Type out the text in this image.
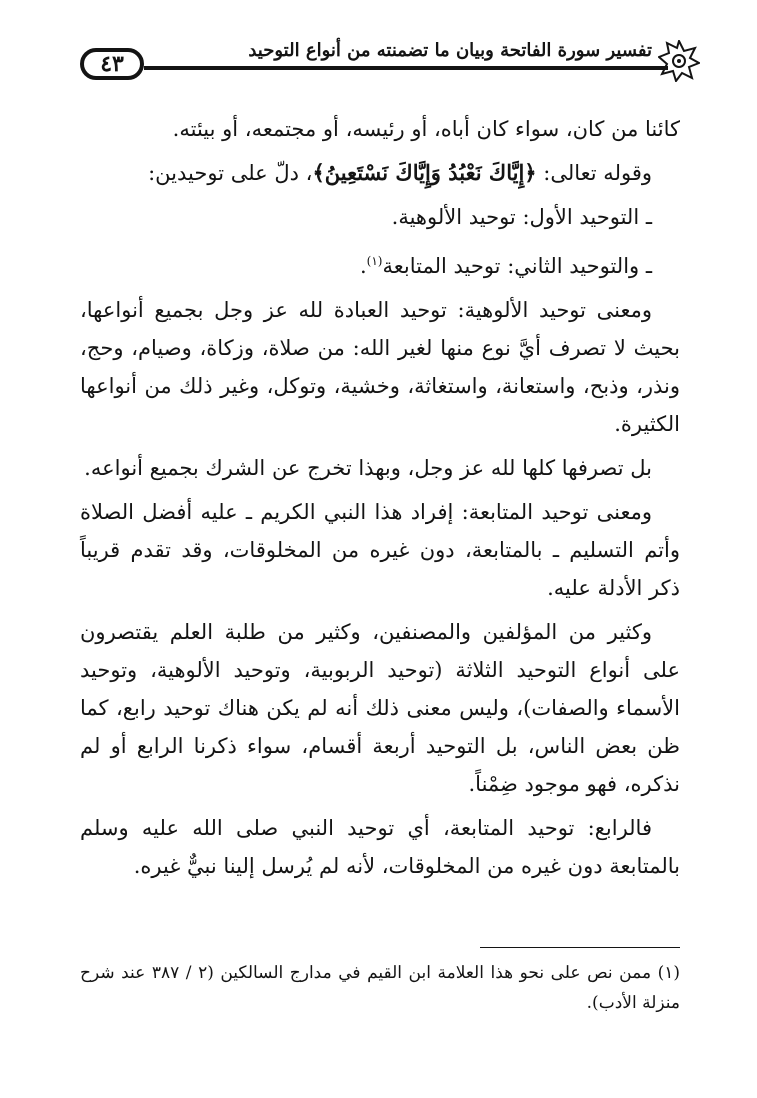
٤٣
تفسير سورة الفاتحة وبيان ما تضمنته من أنواع التوحيد

كائنا من كان، سواء كان أباه، أو رئيسه، أو مجتمعه، أو بيئته.

وقوله تعالى: ﴿إِيَّاكَ نَعْبُدُ وَإِيَّاكَ نَسْتَعِينُ﴾، دلّ على توحيدين:

ـ التوحيد الأول: توحيد الألوهية.

ـ والتوحيد الثاني: توحيد المتابعة$^{(١)}$.

ومعنى توحيد الألوهية: توحيد العبادة لله عز وجل بجميع أنواعها، بحيث لا تصرف أيَّ نوع منها لغير الله: من صلاة، وزكاة، وصيام، وحج، ونذر، وذبح، واستعانة، واستغاثة، وخشية، وتوكل، وغير ذلك من أنواعها الكثيرة.

بل تصرفها كلها لله عز وجل، وبهذا تخرج عن الشرك بجميع أنواعه.

ومعنى توحيد المتابعة: إفراد هذا النبي الكريم ـ عليه أفضل الصلاة وأتم التسليم ـ بالمتابعة، دون غيره من المخلوقات، وقد تقدم قريباً ذكر الأدلة عليه.

وكثير من المؤلفين والمصنفين، وكثير من طلبة العلم يقتصرون على أنواع التوحيد الثلاثة (توحيد الربوبية، وتوحيد الألوهية، وتوحيد الأسماء والصفات)، وليس معنى ذلك أنه لم يكن هناك توحيد رابع، كما ظن بعض الناس، بل التوحيد أربعة أقسام، سواء ذكرنا الرابع أو لم نذكره، فهو موجود ضِمْناً.

فالرابع: توحيد المتابعة، أي توحيد النبي صلى الله عليه وسلم بالمتابعة دون غيره من المخلوقات، لأنه لم يُرسل إلينا نبيٌّ غيره.

(١) ممن نص على نحو هذا العلامة ابن القيم في مدارج السالكين (٢ / ٣٨٧ عند شرح منزلة الأدب).
